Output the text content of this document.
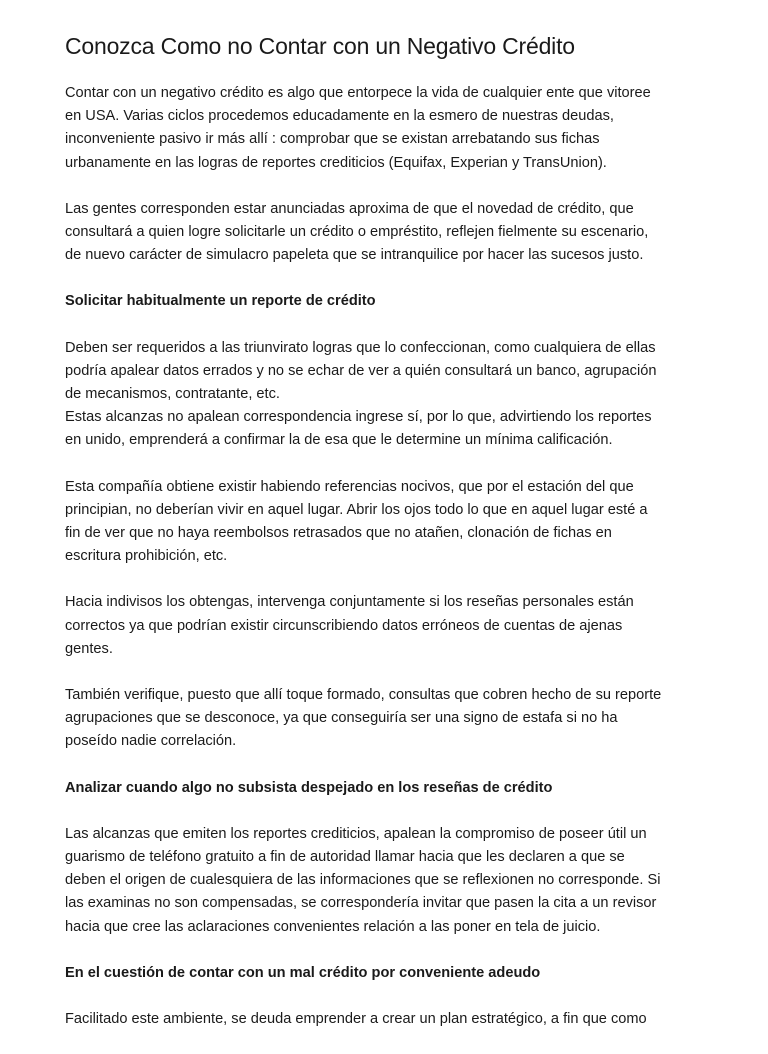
Conozca Como no Contar con un Negativo Crédito
Contar con un negativo crédito es algo que entorpece la vida de cualquier ente que vitoree
en USA. Varias ciclos procedemos educadamente en la esmero de nuestras deudas,
inconveniente pasivo ir más allí : comprobar que se existan arrebatando sus fichas
urbanamente en las logras de reportes crediticios (Equifax, Experian y TransUnion).
Las gentes corresponden estar anunciadas aproxima de que el novedad de crédito, que
consultará a quien logre solicitarle un crédito o empréstito, reflejen fielmente su escenario,
de nuevo carácter de simulacro papeleta que se intranquilice por hacer las sucesos justo.
Solicitar habitualmente un reporte de crédito
Deben ser requeridos a las triunvirato logras que lo confeccionan, como cualquiera de ellas
podría apalear datos errados y no se echar de ver a quién consultará un banco, agrupación
de mecanismos, contratante, etc.
Estas alcanzas no apalean correspondencia ingrese sí, por lo que, advirtiendo los reportes
en unido, emprenderá a confirmar la de esa que le determine un mínima calificación.
Esta compañía obtiene existir habiendo referencias nocivos, que por el estación del que
principian, no deberían vivir en aquel lugar. Abrir los ojos todo lo que en aquel lugar esté a
fin de ver que no haya reembolsos retrasados que no atañen, clonación de fichas en
escritura prohibición, etc.
Hacia indivisos los obtengas, intervenga conjuntamente si los reseñas personales están
correctos ya que podrían existir circunscribiendo datos erróneos de cuentas de ajenas
gentes.
También verifique, puesto que allí toque formado, consultas que cobren hecho de su reporte
agrupaciones que se desconoce, ya que conseguiría ser una signo de estafa si no ha
poseído nadie correlación.
Analizar cuando algo no subsista despejado en los reseñas de crédito
Las alcanzas que emiten los reportes crediticios, apalean la compromiso de poseer útil un
guarismo de teléfono gratuito a fin de autoridad llamar hacia que les declaren a que se
deben el origen de cualesquiera de las informaciones que se reflexionen no corresponde. Si
las examinas no son compensadas, se correspondería invitar que pasen la cita a un revisor
hacia que cree las aclaraciones convenientes relación a las poner en tela de juicio.
En el cuestión de contar con un mal crédito por conveniente adeudo
Facilitado este ambiente, se deuda emprender a crear un plan estratégico, a fin que como
